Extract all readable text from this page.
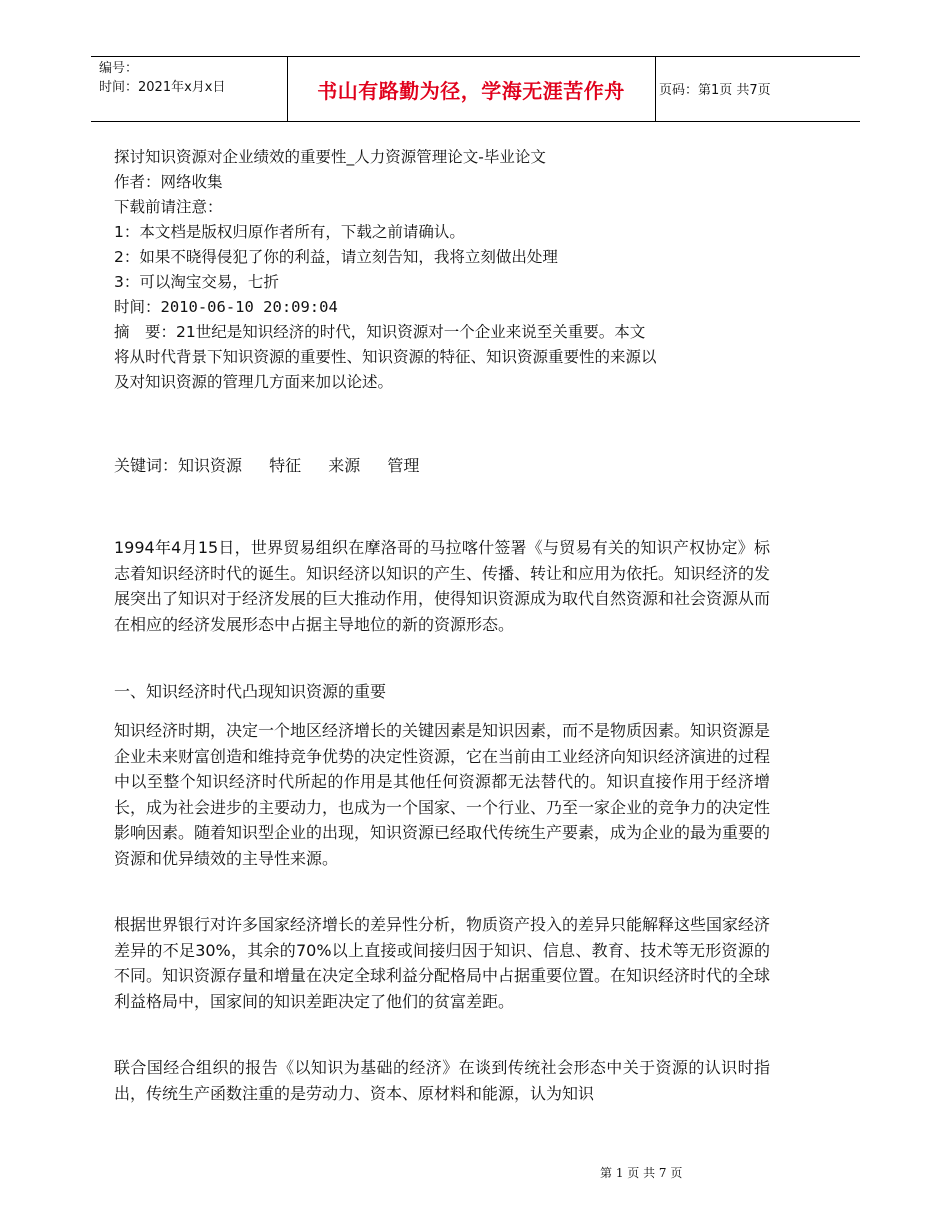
编号：
时间：2021年x月x日	书山有路勤为径，学海无涯苦作舟	页码：第1页 共7页
探讨知识资源对企业绩效的重要性_人力资源管理论文-毕业论文
作者：网络收集
下载前请注意：
1：本文档是版权归原作者所有，下载之前请确认。
2：如果不晓得侵犯了你的利益，请立刻告知，我将立刻做出处理
3：可以淘宝交易，七折
时间：2010-06-10 20:09:04
摘　要：21世纪是知识经济的时代，知识资源对一个企业来说至关重要。本文
将从时代背景下知识资源的重要性、知识资源的特征、知识资源重要性的来源以
及对知识资源的管理几方面来加以论述。
关键词：知识资源 特征 来源 管理
1994年4月15日，世界贸易组织在摩洛哥的马拉喀什签署《与贸易有关的知识产权协定》标志着知识经济时代的诞生。知识经济以知识的产生、传播、转让和应用为依托。知识经济的发展突出了知识对于经济发展的巨大推动作用，使得知识资源成为取代自然资源和社会资源从而在相应的经济发展形态中占据主导地位的新的资源形态。
一、知识经济时代凸现知识资源的重要
知识经济时期，决定一个地区经济增长的关键因素是知识因素，而不是物质因素。知识资源是企业未来财富创造和维持竞争优势的决定性资源，它在当前由工业经济向知识经济演进的过程中以至整个知识经济时代所起的作用是其他任何资源都无法替代的。知识直接作用于经济增长，成为社会进步的主要动力，也成为一个国家、一个行业、乃至一家企业的竞争力的决定性影响因素。随着知识型企业的出现，知识资源已经取代传统生产要素，成为企业的最为重要的资源和优异绩效的主导性来源。
根据世界银行对许多国家经济增长的差异性分析，物质资产投入的差异只能解释这些国家经济差异的不足30%，其余的70%以上直接或间接归因于知识、信息、教育、技术等无形资源的不同。知识资源存量和增量在决定全球利益分配格局中占据重要位置。在知识经济时代的全球利益格局中，国家间的知识差距决定了他们的贫富差距。
联合国经合组织的报告《以知识为基础的经济》在谈到传统社会形态中关于资源的认识时指出，传统生产函数注重的是劳动力、资本、原材料和能源，认为知识
第 1 页 共 7 页
